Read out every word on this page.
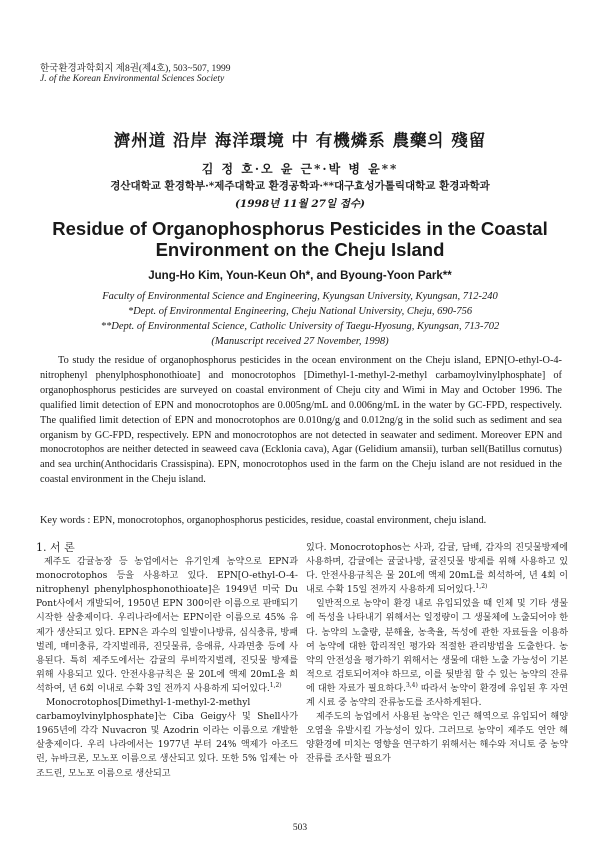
한국환경과학회지 제8권(제4호), 503~507, 1999
J. of the Korean Environmental Sciences Society
濟州道 沿岸 海洋環境 中 有機燐系 農藥의 殘留
김 정 호·오 윤 근*·박 병 윤**
경산대학교 환경학부·*제주대학교 환경공학과·**대구효성가톨릭대학교 환경과학과
(1998년 11월 27일 접수)
Residue of Organophosphorus Pesticides in the Coastal
Environment on the Cheju Island
Jung-Ho Kim, Youn-Keun Oh*, and Byoung-Yoon Park**
Faculty of Environmental Science and Engineering, Kyungsan University, Kyungsan, 712-240
*Dept. of Environmental Engineering, Cheju National University, Cheju, 690-756
**Dept. of Environmental Science, Catholic University of Taegu-Hyosung, Kyungsan, 713-702
(Manuscript received 27 November, 1998)
To study the residue of organophosphorus pesticides in the ocean environment on the Cheju island, EPN[O-ethyl-O-4-nitrophenyl phenylphosphonothioate] and monocrotophos [Dimethyl-1-methyl-2-methyl carbamoylvinylphosphate] of organophosphorus pesticides are surveyed on coastal environment of Cheju city and Wimi in May and October 1996. The qualified limit detection of EPN and monocrotophos are 0.005ng/mL and 0.006ng/mL in the water by GC-FPD, respectively. The qualified limit detection of EPN and monocrotophos are 0.010ng/g and 0.012ng/g in the solid such as sediment and sea organism by GC-FPD, respectively. EPN and monocrotophos are not detected in seawater and sediment. Moreover EPN and monocrotophos are neither detected in seaweed cava (Ecklonia cava), Agar (Gelidium amansii), turban sell(Batillus cornutus) and sea urchin(Anthocidaris Crassispina). EPN, monocrotophos used in the farm on the Cheju island are not residued in the coastal environment in the Cheju island.
Key words : EPN, monocrotophos, organophosphorus pesticides, residue, coastal environment, cheju island.

1. 서 론

제주도 감귤농장 등 농업에서는 유기인계 농약으로 EPN과 monocrotophos 등을 사용하고 있다. EPN[O-ethyl-O-4-nitrophenyl phenylphosphonothioate]은 1949년 미국 Du Pont사에서 개발되어, 1950년 EPN 300이란 이름으로 판매되기 시작한 살충제이다. 우리나라에서는 EPN이란 이름으로 45% 유제가 생산되고 있다. EPN은 과수의 일발이나방류, 심식충류, 방패벌레, 매미충류, 각지벌레류, 진딧물류, 응애류, 사과면충 등에 사용된다. 특히 제주도에서는 감귤의 루비깍지벌레, 진딧물 방제를 위해 사용되고 있다. 안전사용규칙은 물 20L에 액제 20mL을 희석하여, 년 6회 이내로 수확 3일 전까지 사용하게 되어있다.$^{1,2)}$

Monocrotophos[Dimethyl-1-methyl-2-methyl carbamoylvinylphosphate]는 Ciba Geigy사 및 Shell사가 1965년에 각각 Nuvacron 및 Azodrin 이라는 이름으로 개발한 살충제이다. 우리 나라에서는 1977년 부터 24% 액제가 아조드린, 뉴바크론, 모노포 이름으로 생산되고 있다. 또한 5% 입제는 아조드린, 모노포 이름으로 생산되고

있다. Monocrotophos는 사과, 감귤, 담배, 감자의 진딧물방제에 사용하며, 감귤에는 귤굴나방, 귤진딧물 방제를 위해 사용하고 있다. 안전사용규칙은 물 20L에 액제 20mL를 희석하여, 년 4회 이내로 수확 15일 전까지 사용하게 되어있다.$^{1,2)}$

일반적으로 농약이 환경 내로 유입되었을 때 인체 및 기타 생물에 독성을 나타내기 위해서는 일정량이 그 생물체에 노출되어야 한다. 농약의 노출량, 분해율, 농축율, 독성에 관한 자료들을 이용하여 농약에 대한 합리적인 평가와 적절한 관리방법을 도출한다. 농약의 안전성을 평가하기 위해서는 생물에 대한 노출 가능성이 기본적으로 검토되어져야 하므로, 이를 뒷받침 할 수 있는 농약의 잔류에 대한 자료가 필요하다.$^{3,4)}$ 따라서 농약이 환경에 유입된 후 자연계 시료 중 농약의 잔류농도를 조사하게된다.

제주도의 농업에서 사용된 농약은 인근 해역으로 유입되어 해양오염을 유발시킬 가능성이 있다. 그러므로 농약이 제주도 연안 해양환경에 미치는 영향을 연구하기 위해서는 해수와 저니토 중 농약잔류를 조사할 필요가

503
